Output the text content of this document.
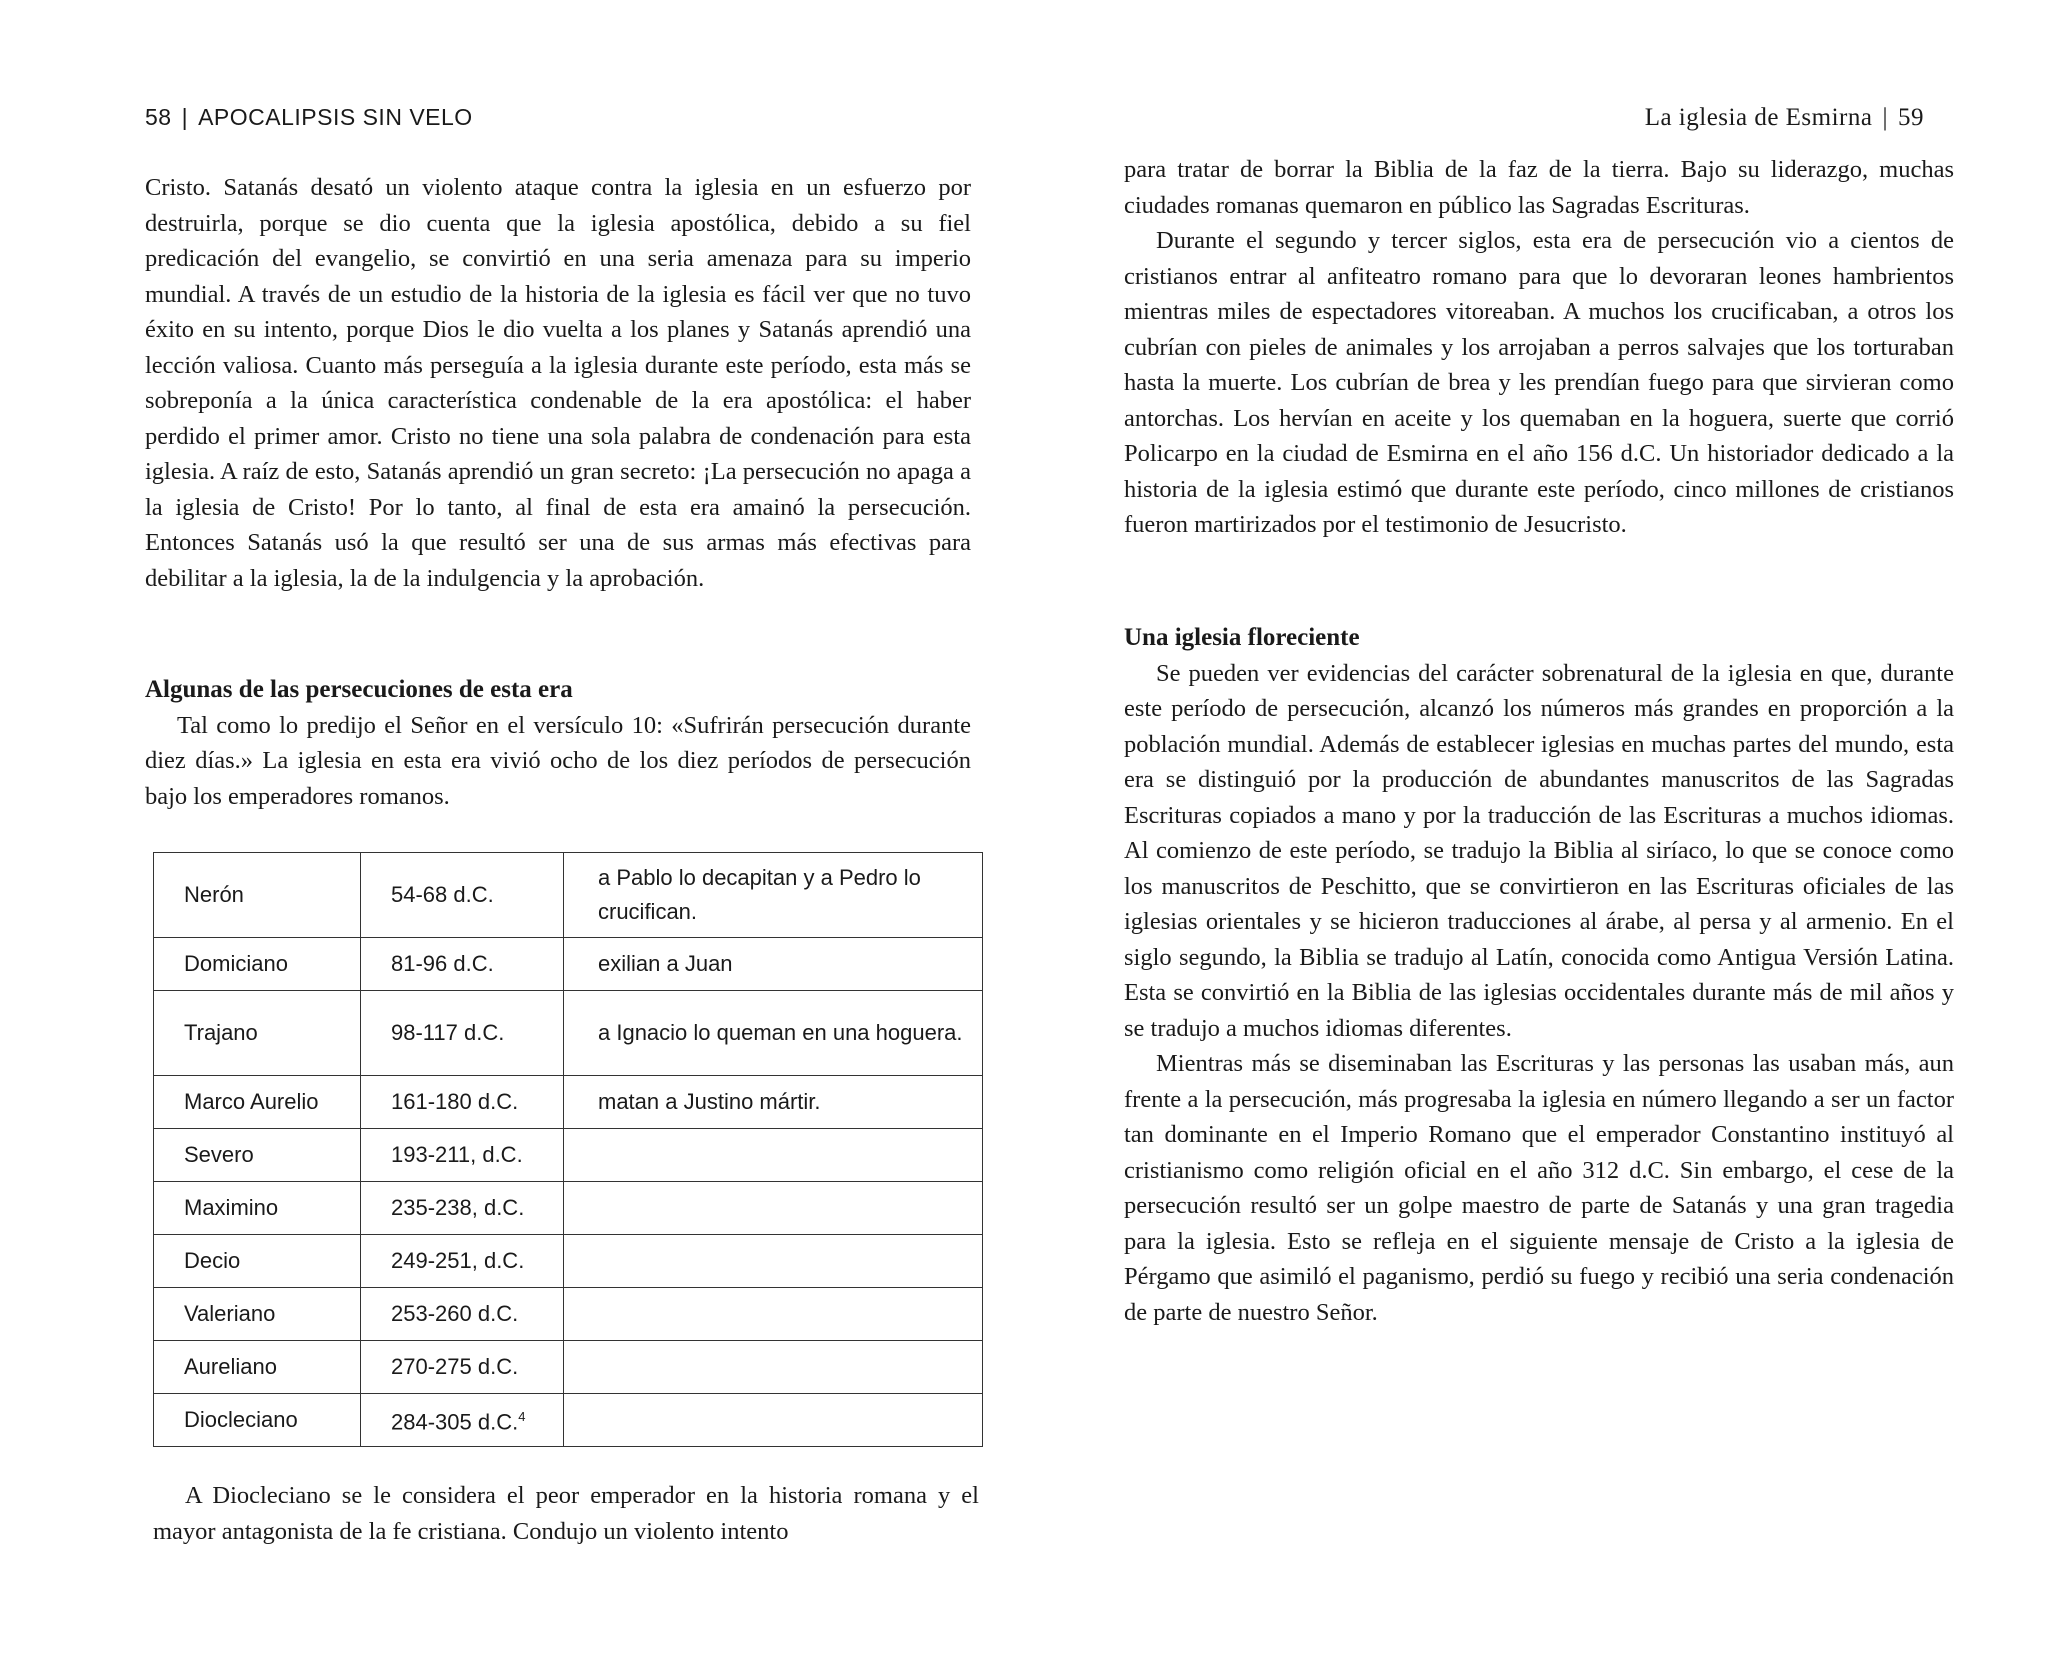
58 | APOCALIPSIS SIN VELO

Cristo. Satanás desató un violento ataque contra la iglesia en un esfuerzo por destruirla, porque se dio cuenta que la iglesia apostólica, debido a su fiel predicación del evangelio, se convirtió en una seria amenaza para su imperio mundial. A través de un estudio de la historia de la iglesia es fácil ver que no tuvo éxito en su intento, porque Dios le dio vuelta a los planes y Satanás aprendió una lección valiosa. Cuanto más perseguía a la iglesia durante este período, esta más se sobreponía a la única característica condenable de la era apostólica: el haber perdido el primer amor. Cristo no tiene una sola palabra de condenación para esta iglesia. A raíz de esto, Satanás aprendió un gran secreto: ¡La persecución no apaga a la iglesia de Cristo! Por lo tanto, al final de esta era amainó la persecución. Entonces Satanás usó la que resultó ser una de sus armas más efectivas para debilitar a la iglesia, la de la indulgencia y la aprobación.

Algunas de las persecuciones de esta era

Tal como lo predijo el Señor en el versículo 10: «Sufrirán persecución durante diez días.» La iglesia en esta era vivió ocho de los diez períodos de persecución bajo los emperadores romanos.

Nerón	54-68 d.C.	a Pablo lo decapitan y a Pedro lo crucifican.
Domiciano	81-96 d.C.	exilian a Juan
Trajano	98-117 d.C.	a Ignacio lo queman en una hoguera.
Marco Aurelio	161-180 d.C.	matan a Justino mártir.
Severo	193-211, d.C.	
Maximino	235-238, d.C.	
Decio	249-251, d.C.	
Valeriano	253-260 d.C.	
Aureliano	270-275 d.C.	
Diocleciano	284-305 d.C.$^4$	

A Diocleciano se le considera el peor emperador en la historia romana y el mayor antagonista de la fe cristiana. Condujo un violento intento

La iglesia de Esmirna | 59

para tratar de borrar la Biblia de la faz de la tierra. Bajo su liderazgo, muchas ciudades romanas quemaron en público las Sagradas Escrituras.

Durante el segundo y tercer siglos, esta era de persecución vio a cientos de cristianos entrar al anfiteatro romano para que lo devoraran leones hambrientos mientras miles de espectadores vitoreaban. A muchos los crucificaban, a otros los cubrían con pieles de animales y los arrojaban a perros salvajes que los torturaban hasta la muerte. Los cubrían de brea y les prendían fuego para que sirvieran como antorchas. Los hervían en aceite y los quemaban en la hoguera, suerte que corrió Policarpo en la ciudad de Esmirna en el año 156 d.C. Un historiador dedicado a la historia de la iglesia estimó que durante este período, cinco millones de cristianos fueron martirizados por el testimonio de Jesucristo.

Una iglesia floreciente

Se pueden ver evidencias del carácter sobrenatural de la iglesia en que, durante este período de persecución, alcanzó los números más grandes en proporción a la población mundial. Además de establecer iglesias en muchas partes del mundo, esta era se distinguió por la producción de abundantes manuscritos de las Sagradas Escrituras copiados a mano y por la traducción de las Escrituras a muchos idiomas. Al comienzo de este período, se tradujo la Biblia al siríaco, lo que se conoce como los manuscritos de Peschitto, que se convirtieron en las Escrituras oficiales de las iglesias orientales y se hicieron traducciones al árabe, al persa y al armenio. En el siglo segundo, la Biblia se tradujo al Latín, conocida como Antigua Versión Latina. Esta se convirtió en la Biblia de las iglesias occidentales durante más de mil años y se tradujo a muchos idiomas diferentes.

Mientras más se diseminaban las Escrituras y las personas las usaban más, aun frente a la persecución, más progresaba la iglesia en número llegando a ser un factor tan dominante en el Imperio Romano que el emperador Constantino instituyó al cristianismo como religión oficial en el año 312 d.C. Sin embargo, el cese de la persecución resultó ser un golpe maestro de parte de Satanás y una gran tragedia para la iglesia. Esto se refleja en el siguiente mensaje de Cristo a la iglesia de Pérgamo que asimiló el paganismo, perdió su fuego y recibió una seria condenación de parte de nuestro Señor.
